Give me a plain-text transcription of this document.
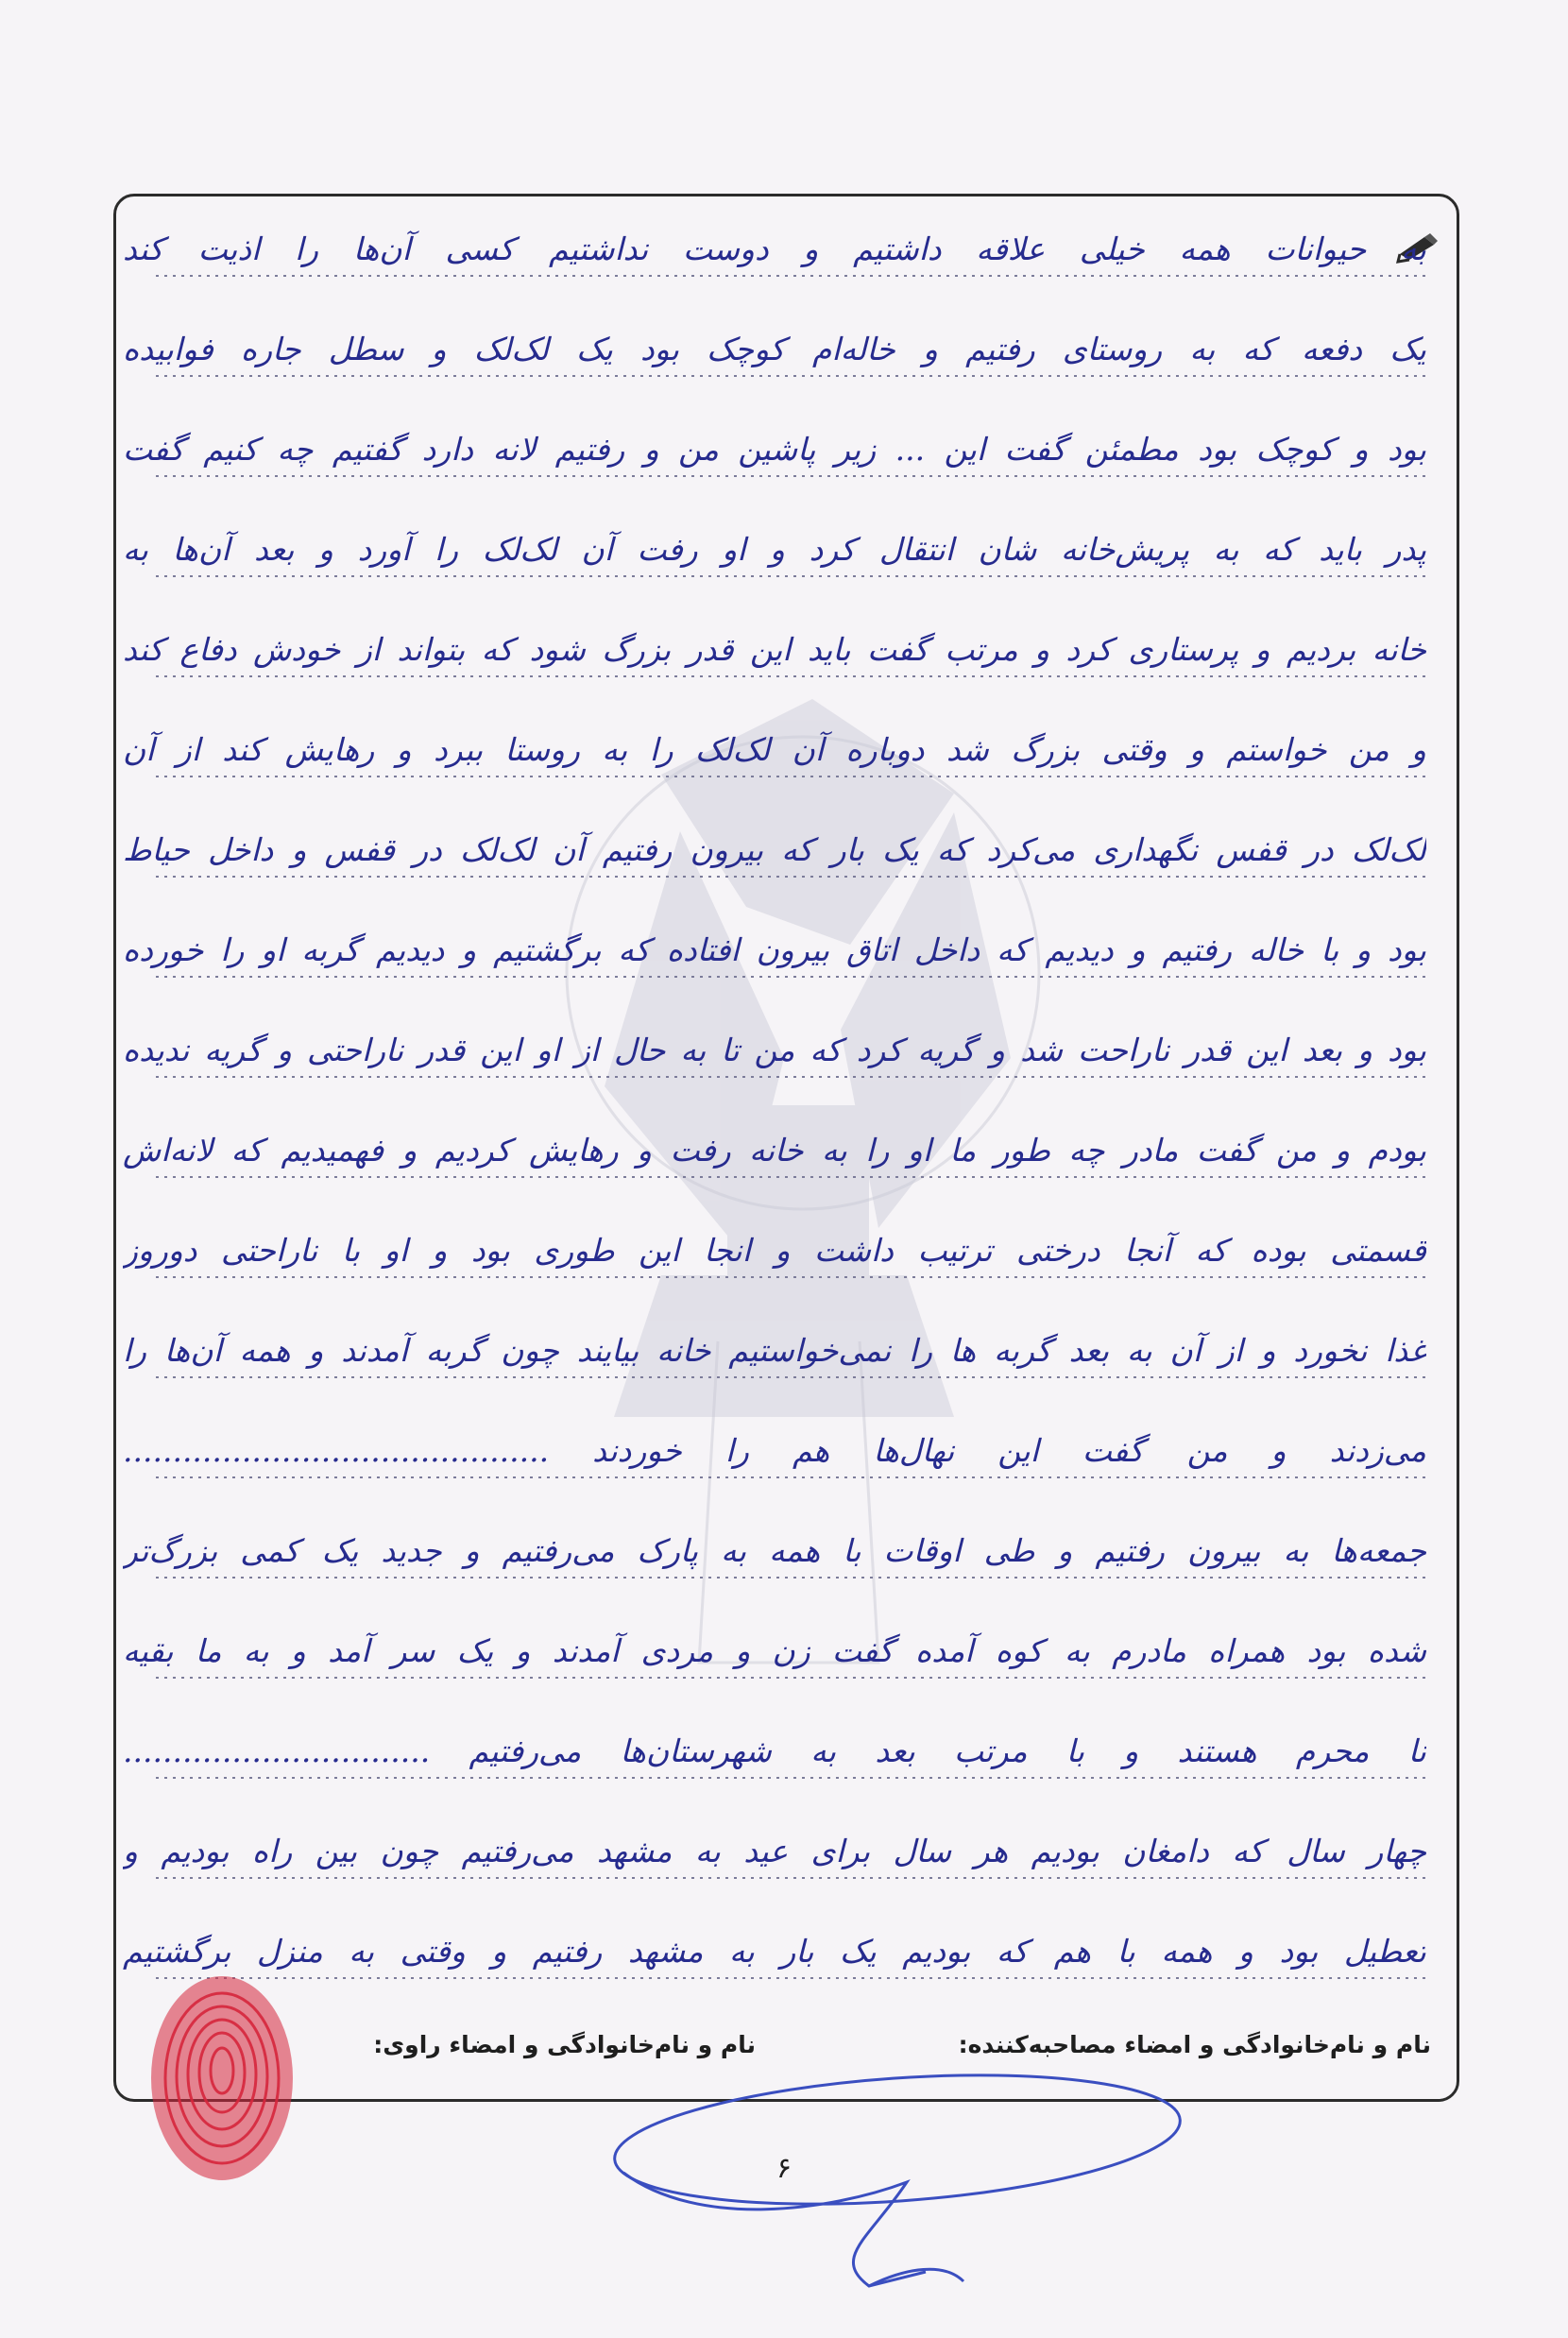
به حیوانات همه خیلی علاقه داشتیم و دوست نداشتیم کسی آن‌ها را اذیت کند
یک دفعه که به روستای رفتیم و خاله‌ام کوچک بود یک لک‌لک و سطل جاره فوابیده
بود و کوچک بود مطمئن گفت این ... زیر پاشین من و رفتیم لانه دارد گفتیم چه کنیم گفت
پدر باید که به پریش‌خانه شان انتقال کرد و او رفت آن لک‌لک را آورد و بعد آن‌ها به
خانه بردیم و پرستاری کرد و مرتب گفت باید این قدر بزرگ شود که بتواند از خودش دفاع کند
و من خواستم و وقتی بزرگ شد دوباره آن لک‌لک را به روستا ببرد و رهایش کند از آن
لک‌لک در قفس نگهداری می‌کرد که یک بار که بیرون رفتیم آن لک‌لک در قفس و داخل حیاط
بود و با خاله رفتیم و دیدیم که داخل اتاق بیرون افتاده که برگشتیم و دیدیم گربه او را خورده
بود و بعد این قدر ناراحت شد و گریه کرد که من تا به حال از او این قدر ناراحتی و گریه ندیده
بودم و من گفت مادر چه طور ما او را به خانه رفت و رهایش کردیم و فهمیدیم که لانه‌اش
قسمتی بوده که آنجا درختی ترتیب داشت و انجا این طوری بود و او با ناراحتی دوروز
غذا نخورد و از آن به بعد گربه ها را نمی‌خواستیم خانه بیایند چون گربه آمدند و همه آن‌ها را
می‌زدند و من گفت این نهال‌ها هم را خوردند ...........................................
جمعه‌ها به بیرون رفتیم و طی اوقات با همه به پارک می‌رفتیم و جدید یک کمی بزرگ‌تر
شده بود همراه مادرم به کوه آمده گفت زن و مردی آمدند و یک سر آمد و به ما بقیه
نا محرم هستند و با مرتب بعد به شهرستان‌ها می‌رفتیم ...............................
چهار سال که دامغان بودیم هر سال برای عید به مشهد می‌رفتیم چون بین راه بودیم و
تعطیل بود و همه با هم که بودیم یک بار به مشهد رفتیم و وقتی به منزل برگشتیم
نام و نام‌خانوادگی و امضاء مصاحبه‌کننده:
نام و نام‌خانوادگی و امضاء راوی:
۶
